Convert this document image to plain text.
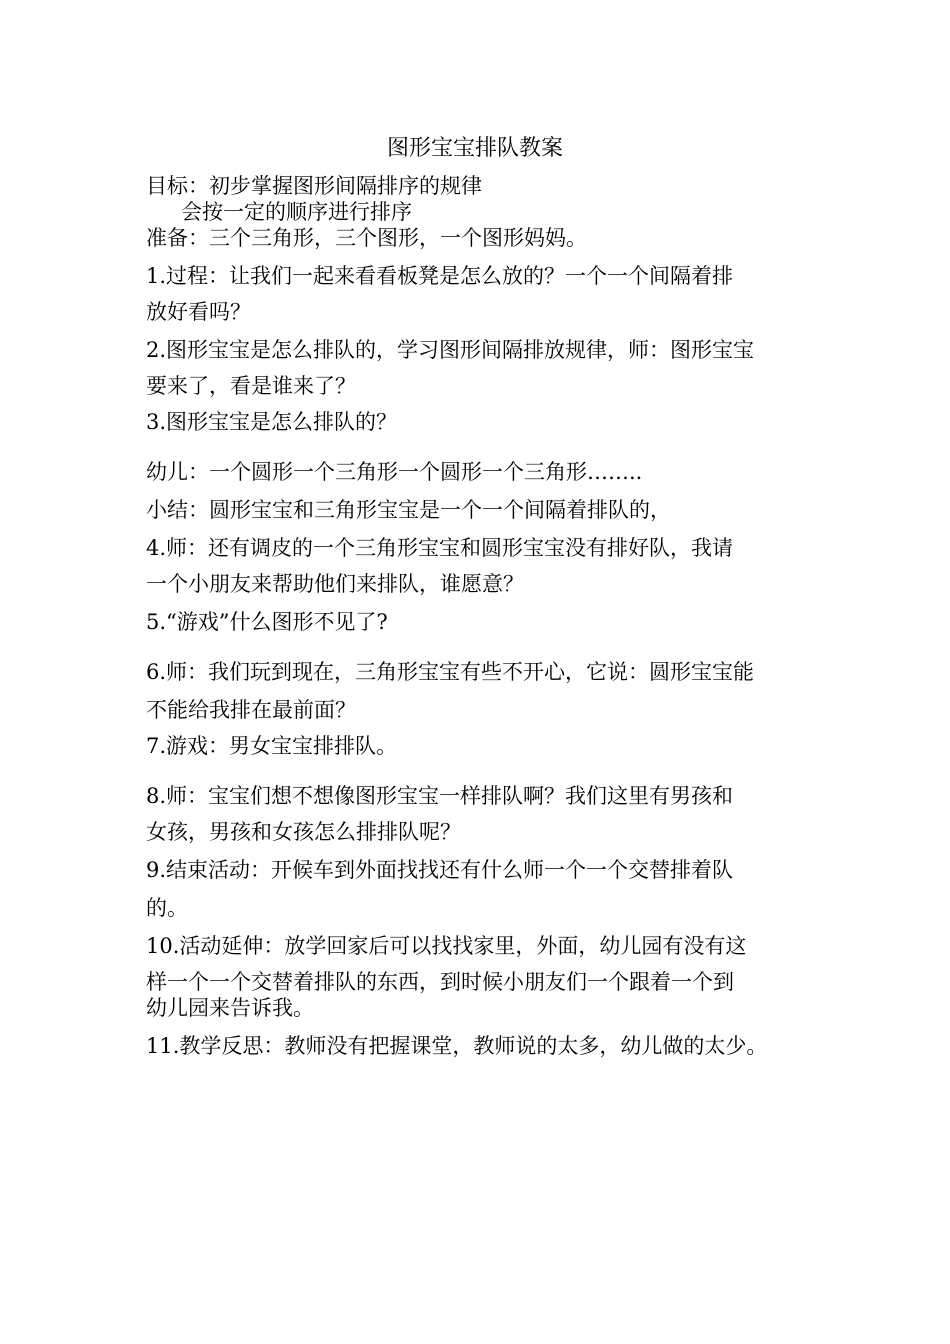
图形宝宝排队教案
目标：初步掌握图形间隔排序的规律
会按一定的顺序进行排序
准备：三个三角形，三个图形，一个图形妈妈。
1.过程：让我们一起来看看板凳是怎么放的？一个一个间隔着排
放好看吗？
2.图形宝宝是怎么排队的，学习图形间隔排放规律，师：图形宝宝
要来了，看是谁来了？
3.图形宝宝是怎么排队的？
幼儿：一个圆形一个三角形一个圆形一个三角形……..
小结：圆形宝宝和三角形宝宝是一个一个间隔着排队的，
4.师：还有调皮的一个三角形宝宝和圆形宝宝没有排好队，我请
一个小朋友来帮助他们来排队，谁愿意？
5.“游戏”什么图形不见了?
6.师：我们玩到现在，三角形宝宝有些不开心，它说：圆形宝宝能
不能给我排在最前面？
7.游戏：男女宝宝排排队。
8.师：宝宝们想不想像图形宝宝一样排队啊？我们这里有男孩和
女孩，男孩和女孩怎么排排队呢？
9.结束活动：开候车到外面找找还有什么师一个一个交替排着队
的。
10.活动延伸：放学回家后可以找找家里，外面，幼儿园有没有这
样一个一个交替着排队的东西，到时候小朋友们一个跟着一个到
幼儿园来告诉我。
11.教学反思：教师没有把握课堂，教师说的太多，幼儿做的太少。
